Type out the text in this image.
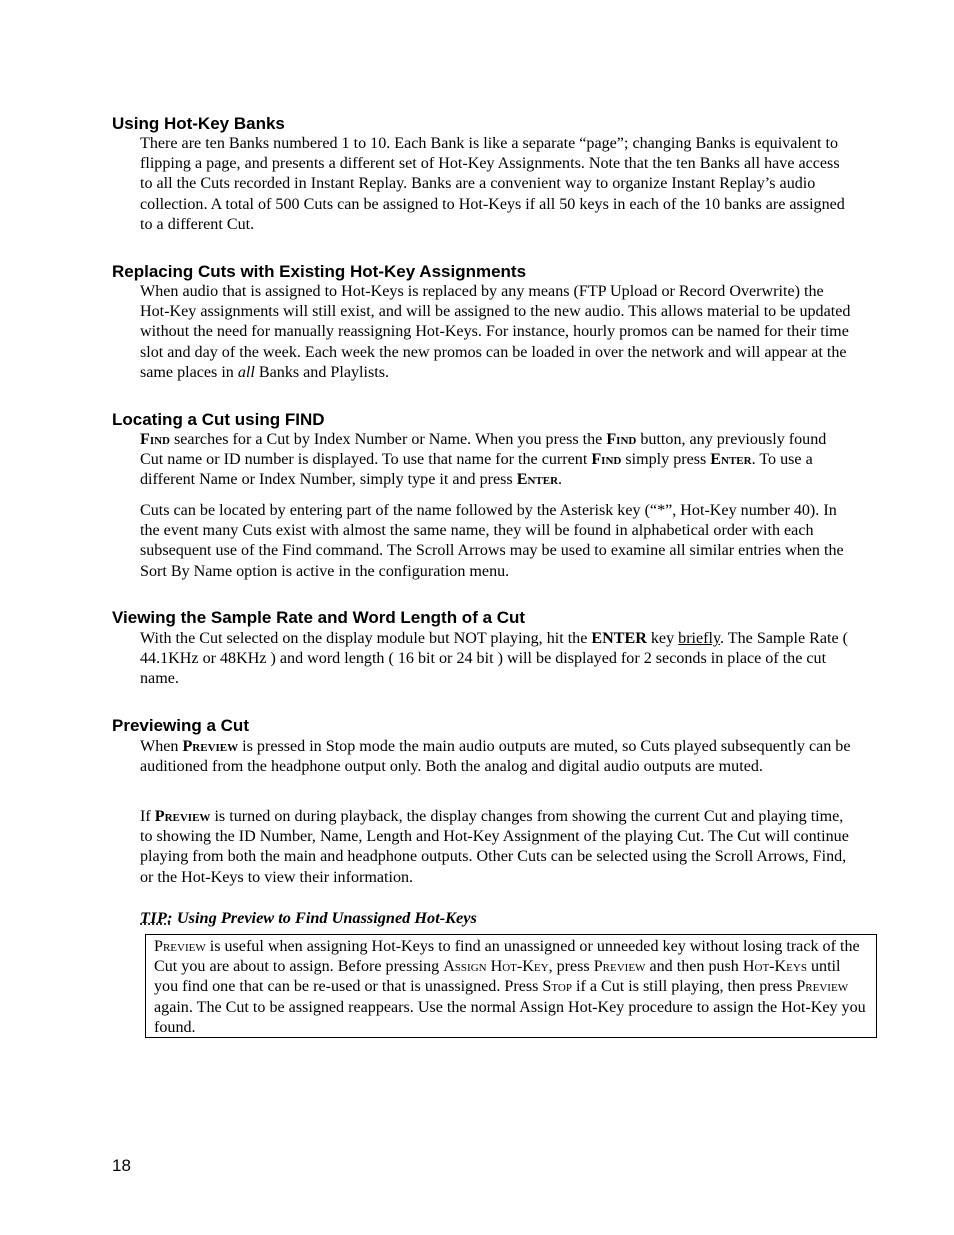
Using Hot-Key Banks

There are ten Banks numbered 1 to 10. Each Bank is like a separate “page”; changing Banks is equivalent to flipping a page, and presents a different set of Hot-Key Assignments. Note that the ten Banks all have access to all the Cuts recorded in Instant Replay. Banks are a convenient way to organize Instant Replay’s audio collection. A total of 500 Cuts can be assigned to Hot-Keys if all 50 keys in each of the 10 banks are assigned to a different Cut.

Replacing Cuts with Existing Hot-Key Assignments

When audio that is assigned to Hot-Keys is replaced by any means (FTP Upload or Record Overwrite) the Hot-Key assignments will still exist, and will be assigned to the new audio. This allows material to be updated without the need for manually reassigning Hot-Keys. For instance, hourly promos can be named for their time slot and day of the week. Each week the new promos can be loaded in over the network and will appear at the same places in all Banks and Playlists.

Locating a Cut using FIND

Find searches for a Cut by Index Number or Name. When you press the Find button, any previously found Cut name or ID number is displayed. To use that name for the current Find simply press Enter. To use a different Name or Index Number, simply type it and press Enter.

Cuts can be located by entering part of the name followed by the Asterisk key (“*”, Hot-Key number 40). In the event many Cuts exist with almost the same name, they will be found in alphabetical order with each subsequent use of the Find command. The Scroll Arrows may be used to examine all similar entries when the Sort By Name option is active in the configuration menu.

Viewing the Sample Rate and Word Length of a Cut

With the Cut selected on the display module but NOT playing, hit the ENTER key briefly. The Sample Rate ( 44.1KHz or 48KHz ) and word length ( 16 bit or 24 bit ) will be displayed for 2 seconds in place of the cut name.

Previewing a Cut

When Preview is pressed in Stop mode the main audio outputs are muted, so Cuts played subsequently can be auditioned from the headphone output only. Both the analog and digital audio outputs are muted.

If Preview is turned on during playback, the display changes from showing the current Cut and playing time, to showing the ID Number, Name, Length and Hot-Key Assignment of the playing Cut. The Cut will continue playing from both the main and headphone outputs. Other Cuts can be selected using the Scroll Arrows, Find, or the Hot-Keys to view their information.

TIP: Using Preview to Find Unassigned Hot-Keys

Preview is useful when assigning Hot-Keys to find an unassigned or unneeded key without losing track of the Cut you are about to assign. Before pressing Assign Hot-Key, press Preview and then push Hot-Keys until you find one that can be re-used or that is unassigned. Press Stop if a Cut is still playing, then press Preview again. The Cut to be assigned reappears. Use the normal Assign Hot-Key procedure to assign the Hot-Key you found.
18
